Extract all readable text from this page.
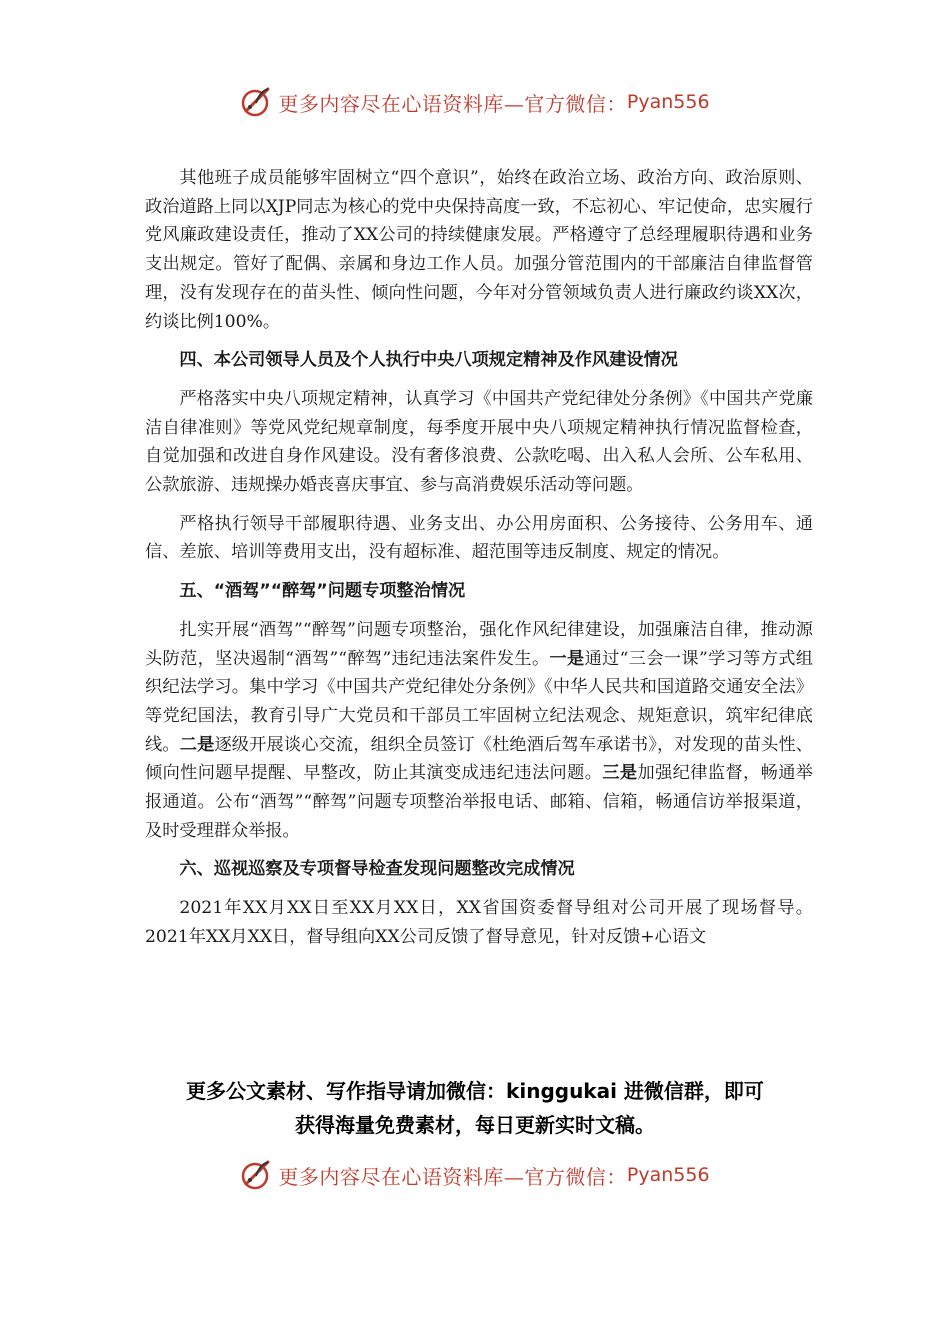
更多内容尽在心语资料库—官方微信： Pyan556

其他班子成员能够牢固树立“四个意识”，始终在政治立场、政治方向、政治原则、政治道路上同以XJP同志为核心的党中央保持高度一致，不忘初心、牢记使命，忠实履行党风廉政建设责任，推动了XX公司的持续健康发展。严格遵守了总经理履职待遇和业务支出规定。管好了配偶、亲属和身边工作人员。加强分管范围内的干部廉洁自律监督管理，没有发现存在的苗头性、倾向性问题，今年对分管领域负责人进行廉政约谈XX次，约谈比例100%。

四、本公司领导人员及个人执行中央八项规定精神及作风建设情况

严格落实中央八项规定精神，认真学习《中国共产党纪律处分条例》《中国共产党廉洁自律准则》等党风党纪规章制度，每季度开展中央八项规定精神执行情况监督检查，自觉加强和改进自身作风建设。没有奢侈浪费、公款吃喝、出入私人会所、公车私用、公款旅游、违规操办婚丧喜庆事宜、参与高消费娱乐活动等问题。

严格执行领导干部履职待遇、业务支出、办公用房面积、公务接待、公务用车、通信、差旅、培训等费用支出，没有超标准、超范围等违反制度、规定的情况。

五、“酒驾”“醉驾”问题专项整治情况

扎实开展“酒驾”“醉驾”问题专项整治，强化作风纪律建设，加强廉洁自律，推动源头防范，坚决遏制“酒驾”“醉驾”违纪违法案件发生。一是通过“三会一课”学习等方式组织纪法学习。集中学习《中国共产党纪律处分条例》《中华人民共和国道路交通安全法》等党纪国法，教育引导广大党员和干部员工牢固树立纪法观念、规矩意识，筑牢纪律底线。二是逐级开展谈心交流，组织全员签订《杜绝酒后驾车承诺书》，对发现的苗头性、倾向性问题早提醒、早整改，防止其演变成违纪违法问题。三是加强纪律监督，畅通举报通道。公布“酒驾”“醉驾”问题专项整治举报电话、邮箱、信箱，畅通信访举报渠道，及时受理群众举报。

六、巡视巡察及专项督导检查发现问题整改完成情况

2021年XX月XX日至XX月XX日，XX省国资委督导组对公司开展了现场督导。2021年XX月XX日，督导组向XX公司反馈了督导意见，针对反馈+心语文

更多公文素材、写作指导请加微信：kinggukai 进微信群，即可
获得海量免费素材，每日更新实时文稿。
更多内容尽在心语资料库—官方微信： Pyan556
